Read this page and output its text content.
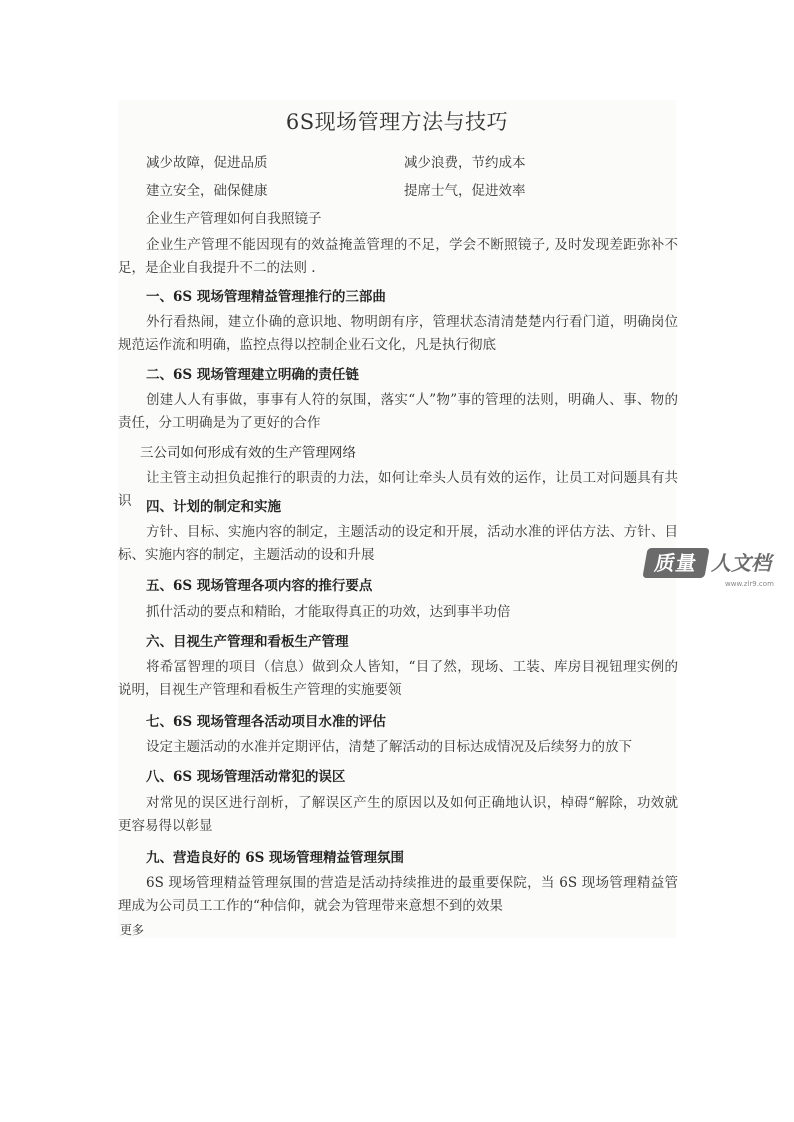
6S现场管理方法与技巧
减少故障，促进品质	减少浪费，节约成本
建立安全，础保健康	提席士气，促进效率
企业生产管理如何自我照镜子
企业生产管理不能因现有的效益掩盖管理的不足，学会不断照镜子, 及时发现差距弥补不足，是企业自我提升不二的法则 .
一、6S 现场管理精益管理推行的三部曲
外行看热闹，建立仆确的意识地、物明朗有序，管理状态清清楚楚内行看门道，明确岗位规范运作流和明确，监控点得以控制企业石文化，凡是执行彻底
二、6S 现场管理建立明确的责任链
创建人人有事做，事事有人符的氛围，落实“人”物”事的管理的法则，明确人、事、物的责任，分工明确是为了更好的合作
三公司如何形成有效的生产管理网络
让主管主动担负起推行的职责的力法，如何让牵头人员有效的运作，让员工对问题具有共识	四、计划的制定和实施
方针、目标、实施内容的制定，主题活动的设定和开展，活动水准的评估方法、方针、目标、实施内容的制定，主题活动的设和升展
五、6S 现场管理各项内容的推行要点
抓什活动的要点和精眙，才能取得真正的功效，达到事半功倍
六、目视生产管理和看板生产管理
将希冨智理的项目（信息）做到众人皆知，“目了然，现场、工装、库房目视钮理实例的说明，目视生产管理和看板生产管理的实施要领
七、6S 现场管理各活动项目水准的评估
设定主题活动的水准并定期评估，清楚了解活动的目标达成情况及后续努力的放下
八、6S 现场管理活动常犯的误区
对常见的误区进行剖析，了解误区产生的原因以及如何正确地认识，棹碍“解除，功效就更容易得以彰显
九、营造良好的 6S 现场管理精益管理氛围
6S 现场管理精益管理氛围的营造是活动持续推进的最重要保院，当 6S 现场管理精益管理成为公司员工工作的“种信仰，就会为管理带来意想不到的效果
更多
质量 人文档
www.zlr9.com
